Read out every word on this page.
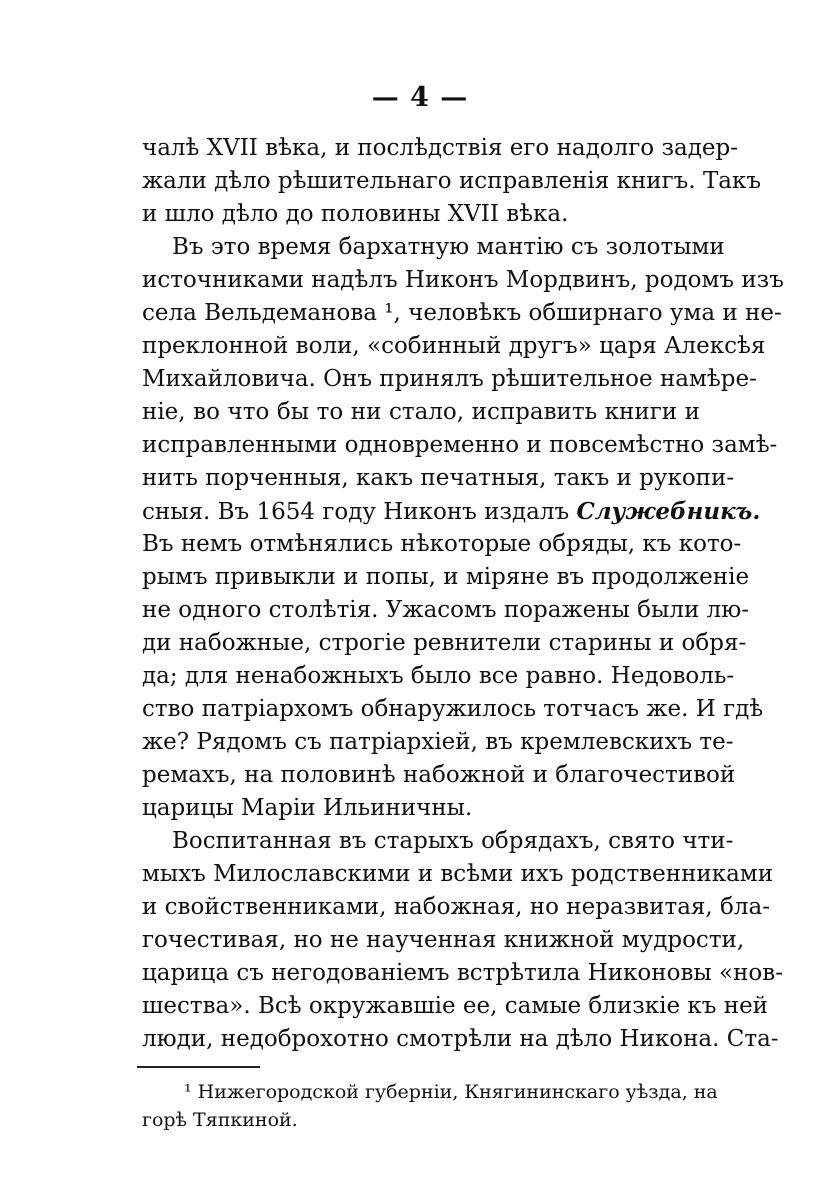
— 4 —
чалѣ XVII вѣка, и послѣдствія его надолго задер-
жали дѣло рѣшительнаго исправленія книгъ. Такъ
и шло дѣло до половины XVII вѣка.
Въ это время бархатную мантію съ золотыми
источниками надѣлъ Никонъ Мордвинъ, родомъ изъ
села Вельдеманова ¹, человѣкъ обширнаго ума и не-
преклонной воли, «собинный другъ» царя Алексѣя
Михайловича. Онъ принялъ рѣшительное намѣре-
ніе, во что бы то ни стало, исправить книги и
исправленными одновременно и повсемѣстно замѣ-
нить порченныя, какъ печатныя, такъ и рукопи-
сныя. Въ 1654 году Никонъ издалъ Служебникъ.
Въ немъ отмѣнялись нѣкоторые обряды, къ кото-
рымъ привыкли и попы, и міряне въ продолженіе
не одного столѣтія. Ужасомъ поражены были лю-
ди набожные, строгіе ревнители старины и обря-
да; для ненабожныхъ было все равно. Недоволь-
ство патріархомъ обнаружилось тотчасъ же. И гдѣ
же? Рядомъ съ патріархіей, въ кремлевскихъ те-
ремахъ, на половинѣ набожной и благочестивой
царицы Маріи Ильиничны.
Воспитанная въ старыхъ обрядахъ, свято чти-
мыхъ Милославскими и всѣми ихъ родственниками
и свойственниками, набожная, но неразвитая, бла-
гочестивая, но не наученная книжной мудрости,
царица съ негодованіемъ встрѣтила Никоновы «нов-
шества». Всѣ окружавшіе ее, самые близкіе къ ней
люди, недоброхотно смотрѣли на дѣло Никона. Ста-
¹ Нижегородской губерніи, Княгининскаго уѣзда, на
горѣ Тяпкиной.
